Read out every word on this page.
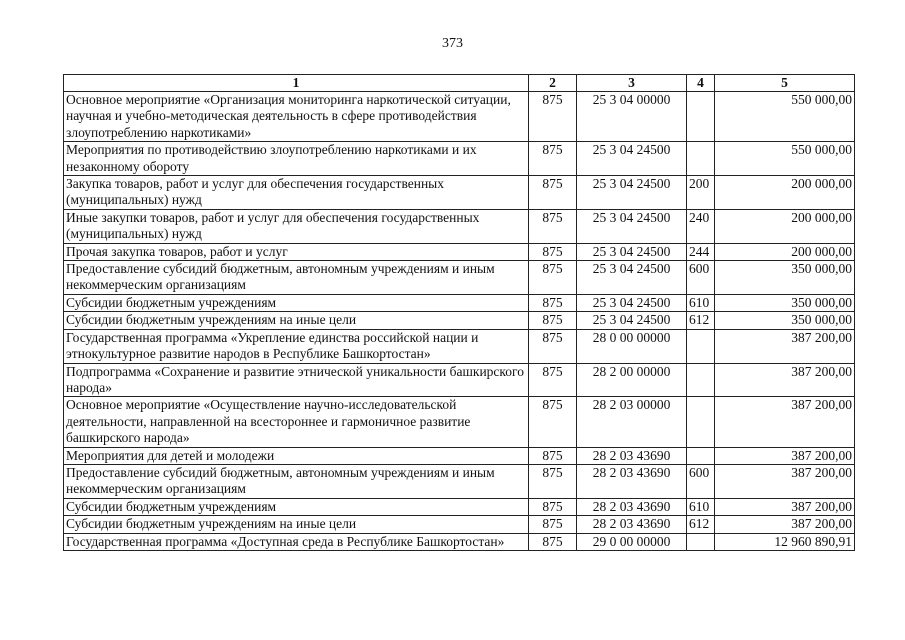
373
1	2	3	4	5
Основное мероприятие «Организация мониторинга наркотической ситуации, научная и учебно-методическая деятельность в сфере противодействия злоупотреблению наркотиками»	875	25 3 04 00000		550 000,00
Мероприятия по противодействию злоупотреблению наркотиками и их незаконному обороту	875	25 3 04 24500		550 000,00
Закупка товаров, работ и услуг для обеспечения государственных (муниципальных) нужд	875	25 3 04 24500	200	200 000,00
Иные закупки товаров, работ и услуг для обеспечения государственных (муниципальных) нужд	875	25 3 04 24500	240	200 000,00
Прочая закупка товаров, работ и услуг	875	25 3 04 24500	244	200 000,00
Предоставление субсидий бюджетным, автономным учреждениям и иным некоммерческим организациям	875	25 3 04 24500	600	350 000,00
Субсидии бюджетным учреждениям	875	25 3 04 24500	610	350 000,00
Субсидии бюджетным учреждениям на иные цели	875	25 3 04 24500	612	350 000,00
Государственная программа «Укрепление единства российской нации и этнокультурное развитие народов в Республике Башкортостан»	875	28 0 00 00000		387 200,00
Подпрограмма «Сохранение и развитие этнической уникальности башкирского народа»	875	28 2 00 00000		387 200,00
Основное мероприятие «Осуществление научно-исследовательской деятельности, направленной на всестороннее и гармоничное развитие башкирского народа»	875	28 2 03 00000		387 200,00
Мероприятия для детей и молодежи	875	28 2 03 43690		387 200,00
Предоставление субсидий бюджетным, автономным учреждениям и иным некоммерческим организациям	875	28 2 03 43690	600	387 200,00
Субсидии бюджетным учреждениям	875	28 2 03 43690	610	387 200,00
Субсидии бюджетным учреждениям на иные цели	875	28 2 03 43690	612	387 200,00
Государственная программа «Доступная среда в Республике Башкортостан»	875	29 0 00 00000		12 960 890,91
